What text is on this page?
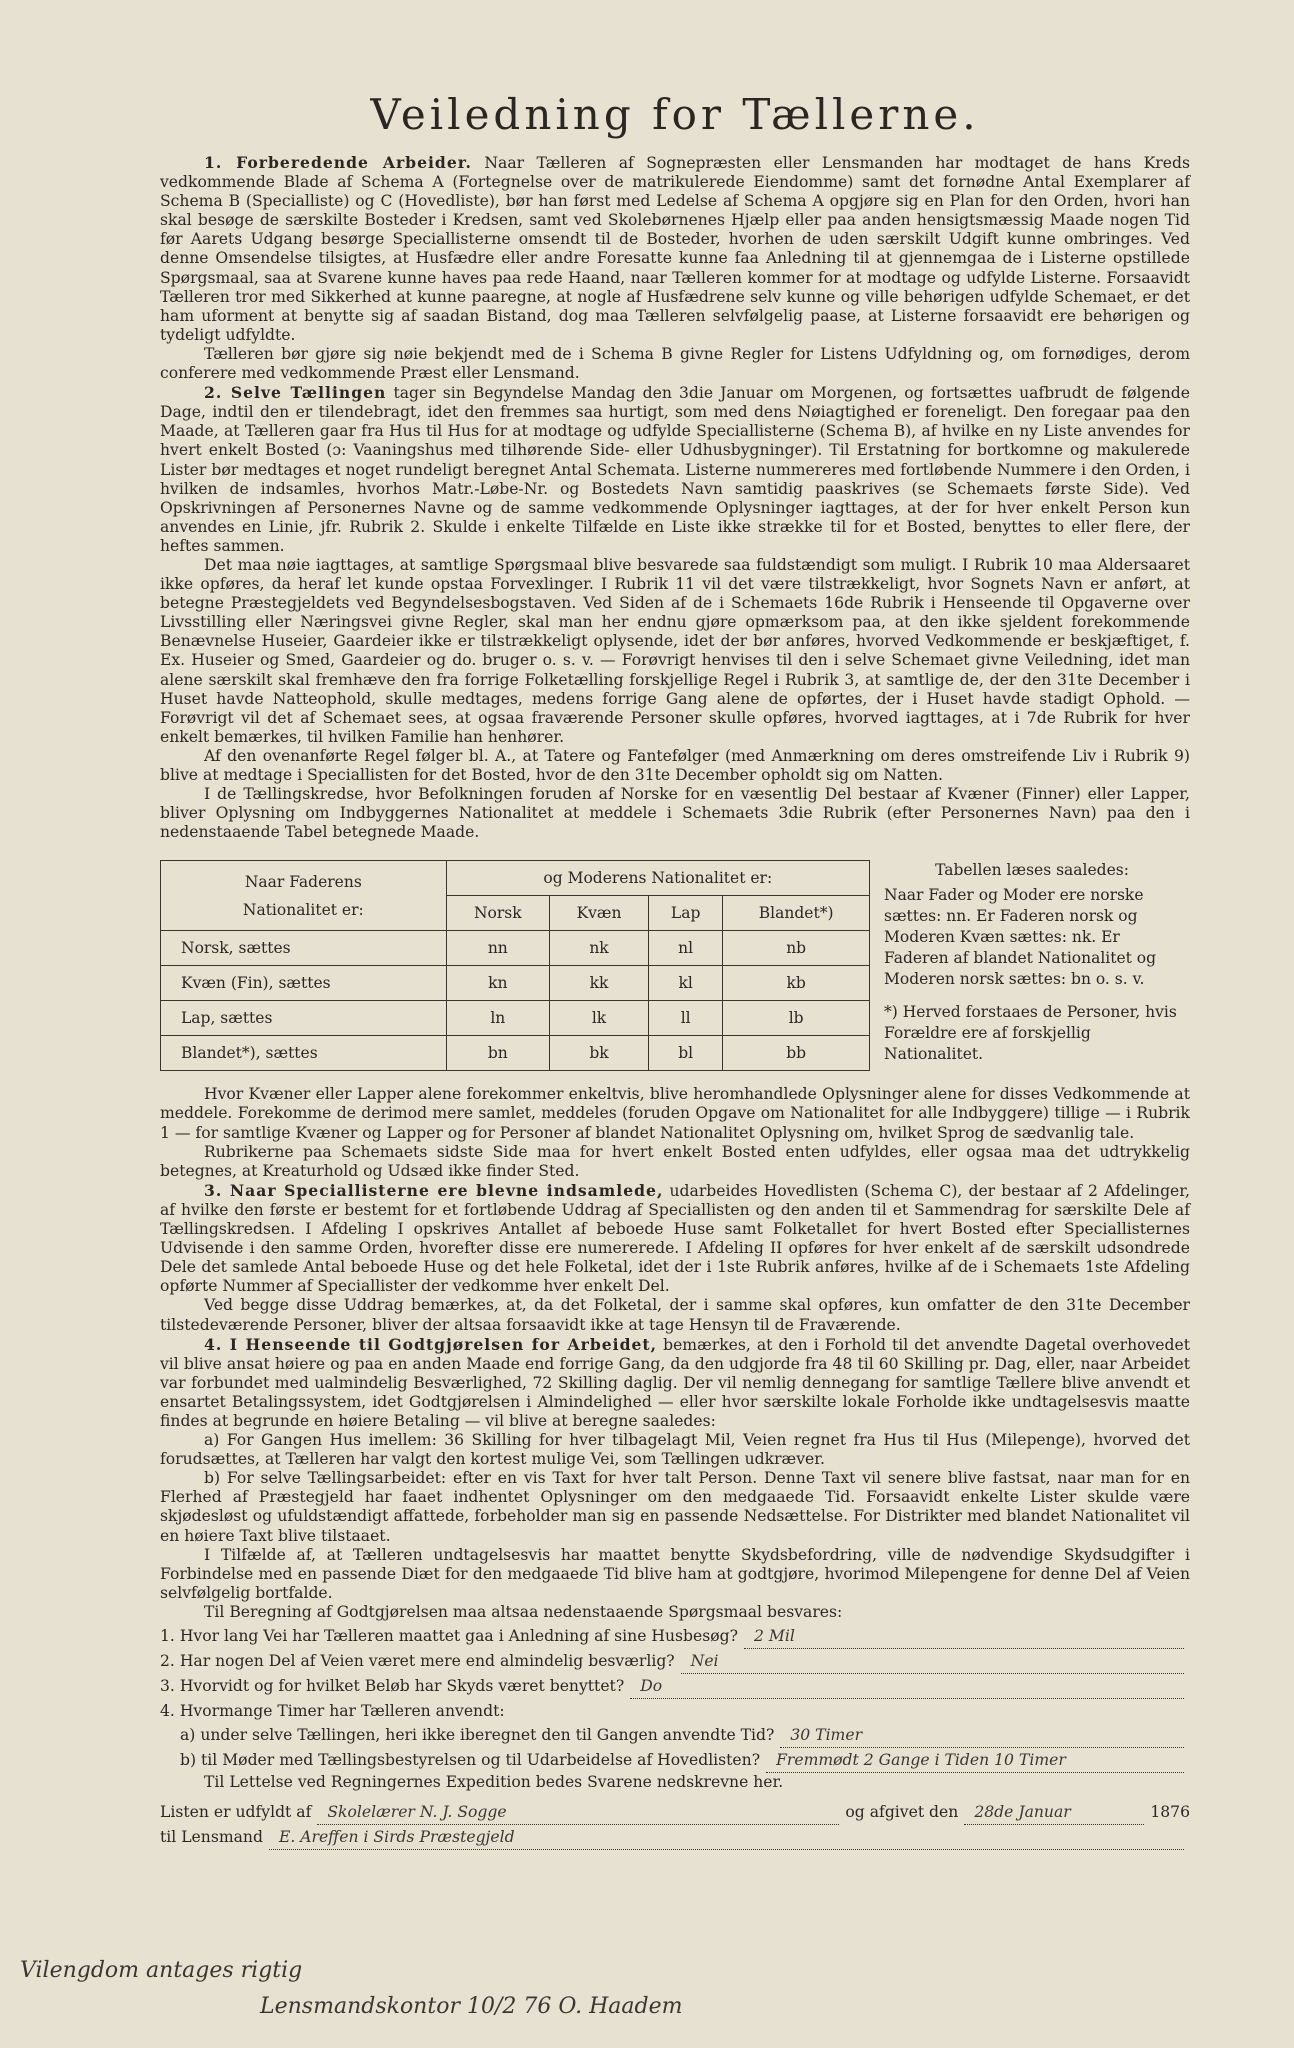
Veiledning for Tællerne.

1. Forberedende Arbeider. Naar Tælleren af Sognepræsten eller Lensmanden har modtaget de hans Kreds vedkommende Blade af Schema A (Fortegnelse over de matrikulerede Eiendomme) samt det fornødne Antal Exemplarer af Schema B (Specialliste) og C (Hovedliste), bør han først med Ledelse af Schema A opgjøre sig en Plan for den Orden, hvori han skal besøge de særskilte Bosteder i Kredsen, samt ved Skolebørnenes Hjælp eller paa anden hensigtsmæssig Maade nogen Tid før Aarets Udgang besørge Speciallisterne omsendt til de Bosteder, hvorhen de uden særskilt Udgift kunne ombringes. Ved denne Omsendelse tilsigtes, at Husfædre eller andre Foresatte kunne faa Anledning til at gjennemgaa de i Listerne opstillede Spørgsmaal, saa at Svarene kunne haves paa rede Haand, naar Tælleren kommer for at modtage og udfylde Listerne. Forsaavidt Tælleren tror med Sikkerhed at kunne paaregne, at nogle af Husfædrene selv kunne og ville behørigen udfylde Schemaet, er det ham uforment at benytte sig af saadan Bistand, dog maa Tælleren selvfølgelig paase, at Listerne forsaavidt ere behørigen og tydeligt udfyldte.

Tælleren bør gjøre sig nøie bekjendt med de i Schema B givne Regler for Listens Udfyldning og, om fornødiges, derom conferere med vedkommende Præst eller Lensmand.

2. Selve Tællingen tager sin Begyndelse Mandag den 3die Januar om Morgenen, og fortsættes uafbrudt de følgende Dage, indtil den er tilendebragt, idet den fremmes saa hurtigt, som med dens Nøiagtighed er foreneligt. Den foregaar paa den Maade, at Tælleren gaar fra Hus til Hus for at modtage og udfylde Speciallisterne (Schema B), af hvilke en ny Liste anvendes for hvert enkelt Bosted (ɔ: Vaaningshus med tilhørende Side- eller Udhusbygninger). Til Erstatning for bortkomne og makulerede Lister bør medtages et noget rundeligt beregnet Antal Schemata. Listerne nummereres med fortløbende Nummere i den Orden, i hvilken de indsamles, hvorhos Matr.-Løbe-Nr. og Bostedets Navn samtidig paaskrives (se Schemaets første Side). Ved Opskrivningen af Personernes Navne og de samme vedkommende Oplysninger iagttages, at der for hver enkelt Person kun anvendes en Linie, jfr. Rubrik 2. Skulde i enkelte Tilfælde en Liste ikke strække til for et Bosted, benyttes to eller flere, der heftes sammen.

Det maa nøie iagttages, at samtlige Spørgsmaal blive besvarede saa fuldstændigt som muligt. I Rubrik 10 maa Aldersaaret ikke opføres, da heraf let kunde opstaa Forvexlinger. I Rubrik 11 vil det være tilstrækkeligt, hvor Sognets Navn er anført, at betegne Præstegjeldets ved Begyndelsesbogstaven. Ved Siden af de i Schemaets 16de Rubrik i Henseende til Opgaverne over Livsstilling eller Næringsvei givne Regler, skal man her endnu gjøre opmærksom paa, at den ikke sjeldent forekommende Benævnelse Huseier, Gaardeier ikke er tilstrækkeligt oplysende, idet der bør anføres, hvorved Vedkommende er beskjæftiget, f. Ex. Huseier og Smed, Gaardeier og do. bruger o. s. v. — Forøvrigt henvises til den i selve Schemaet givne Veiledning, idet man alene særskilt skal fremhæve den fra forrige Folketælling forskjellige Regel i Rubrik 3, at samtlige de, der den 31te December i Huset havde Natteophold, skulle medtages, medens forrige Gang alene de opførtes, der i Huset havde stadigt Ophold. — Forøvrigt vil det af Schemaet sees, at ogsaa fraværende Personer skulle opføres, hvorved iagttages, at i 7de Rubrik for hver enkelt bemærkes, til hvilken Familie han henhører.

Af den ovenanførte Regel følger bl. A., at Tatere og Fantefølger (med Anmærkning om deres omstreifende Liv i Rubrik 9) blive at medtage i Speciallisten for det Bosted, hvor de den 31te December opholdt sig om Natten.

I de Tællingskredse, hvor Befolkningen foruden af Norske for en væsentlig Del bestaar af Kvæner (Finner) eller Lapper, bliver Oplysning om Indbyggernes Nationalitet at meddele i Schemaets 3die Rubrik (efter Personernes Navn) paa den i nedenstaaende Tabel betegnede Maade.

Naar Faderens
Nationalitet er:	og Moderens Nationalitet er:			
	Norsk	Kvæn	Lap	Blandet*)
Norsk, sættes	nn	nk	nl	nb
Kvæn (Fin), sættes	kn	kk	kl	kb
Lap, sættes	ln	lk	ll	lb
Blandet*), sættes	bn	bk	bl	bb
Tabellen læses saaledes:
Naar Fader og Moder ere norske sættes: nn. Er Faderen norsk og Moderen Kvæn sættes: nk. Er Faderen af blandet Nationalitet og Moderen norsk sættes: bn o. s. v.
*) Herved forstaaes de Personer, hvis Forældre ere af forskjellig Nationalitet.

Hvor Kvæner eller Lapper alene forekommer enkeltvis, blive heromhandlede Oplysninger alene for disses Vedkommende at meddele. Forekomme de derimod mere samlet, meddeles (foruden Opgave om Nationalitet for alle Indbyggere) tillige — i Rubrik 1 — for samtlige Kvæner og Lapper og for Personer af blandet Nationalitet Oplysning om, hvilket Sprog de sædvanlig tale.

Rubrikerne paa Schemaets sidste Side maa for hvert enkelt Bosted enten udfyldes, eller ogsaa maa det udtrykkelig betegnes, at Kreaturhold og Udsæd ikke finder Sted.

3. Naar Speciallisterne ere blevne indsamlede, udarbeides Hovedlisten (Schema C), der bestaar af 2 Afdelinger, af hvilke den første er bestemt for et fortløbende Uddrag af Speciallisten og den anden til et Sammendrag for særskilte Dele af Tællingskredsen. I Afdeling I opskrives Antallet af beboede Huse samt Folketallet for hvert Bosted efter Speciallisternes Udvisende i den samme Orden, hvorefter disse ere numererede. I Afdeling II opføres for hver enkelt af de særskilt udsondrede Dele det samlede Antal beboede Huse og det hele Folketal, idet der i 1ste Rubrik anføres, hvilke af de i Schemaets 1ste Afdeling opførte Nummer af Speciallister der vedkomme hver enkelt Del.

Ved begge disse Uddrag bemærkes, at, da det Folketal, der i samme skal opføres, kun omfatter de den 31te December tilstedeværende Personer, bliver der altsaa forsaavidt ikke at tage Hensyn til de Fraværende.

4. I Henseende til Godtgjørelsen for Arbeidet, bemærkes, at den i Forhold til det anvendte Dagetal overhovedet vil blive ansat høiere og paa en anden Maade end forrige Gang, da den udgjorde fra 48 til 60 Skilling pr. Dag, eller, naar Arbeidet var forbundet med ualmindelig Besværlighed, 72 Skilling daglig. Der vil nemlig dennegang for samtlige Tællere blive anvendt et ensartet Betalingssystem, idet Godtgjørelsen i Almindelighed — eller hvor særskilte lokale Forholde ikke undtagelsesvis maatte findes at begrunde en høiere Betaling — vil blive at beregne saaledes:

a) For Gangen Hus imellem: 36 Skilling for hver tilbagelagt Mil, Veien regnet fra Hus til Hus (Milepenge), hvorved det forudsættes, at Tælleren har valgt den kortest mulige Vei, som Tællingen udkræver.

b) For selve Tællingsarbeidet: efter en vis Taxt for hver talt Person. Denne Taxt vil senere blive fastsat, naar man for en Flerhed af Præstegjeld har faaet indhentet Oplysninger om den medgaaede Tid. Forsaavidt enkelte Lister skulde være skjødesløst og ufuldstændigt affattede, forbeholder man sig en passende Nedsættelse. For Distrikter med blandet Nationalitet vil en høiere Taxt blive tilstaaet.

I Tilfælde af, at Tælleren undtagelsesvis har maattet benytte Skydsbefordring, ville de nødvendige Skydsudgifter i Forbindelse med en passende Diæt for den medgaaede Tid blive ham at godtgjøre, hvorimod Milepengene for denne Del af Veien selvfølgelig bortfalde.

Til Beregning af Godtgjørelsen maa altsaa nedenstaaende Spørgsmaal besvares:

1. Hvor lang Vei har Tælleren maattet gaa i Anledning af sine Husbesøg?	2 Mil
2. Har nogen Del af Veien været mere end almindelig besværlig?	Nei
3. Hvorvidt og for hvilket Beløb har Skyds været benyttet?	Do
4. Hvormange Timer har Tælleren anvendt:
a) under selve Tællingen, heri ikke iberegnet den til Gangen anvendte Tid?	30 Timer
b) til Møder med Tællingsbestyrelsen og til Udarbeidelse af Hovedlisten?	Fremmødt 2 Gange i Tiden 10 Timer

Til Lettelse ved Regningernes Expedition bedes Svarene nedskrevne her.

Listen er udfyldt af	Skolelærer N. J. Sogge	og afgivet den	28de Januar	1876
til Lensmand	E. Areffen i Sirds Præstegjeld
Vilengdom antages rigtig
Lensmandskontor 10/2 76 O. Haadem
